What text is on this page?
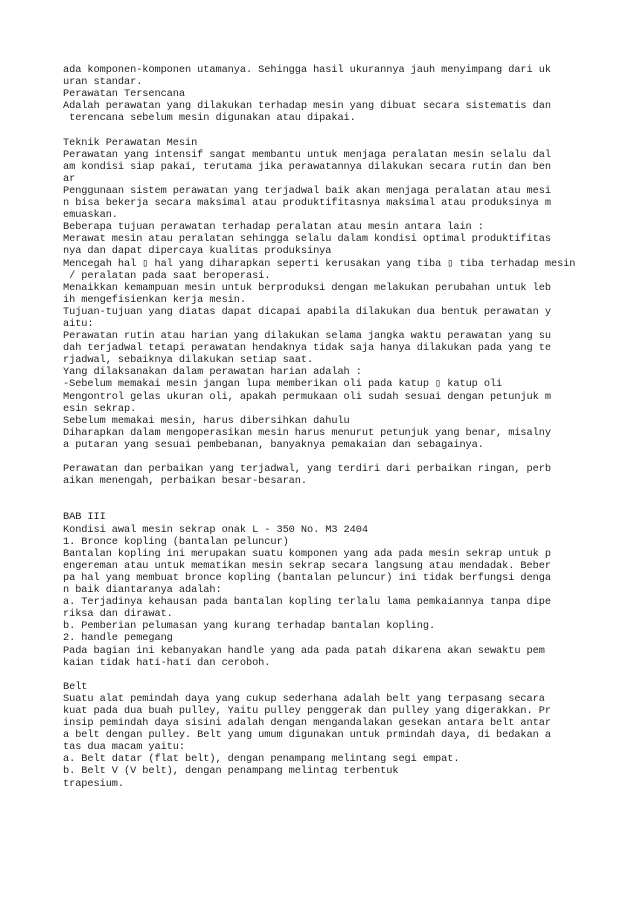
ada komponen-komponen utamanya. Sehingga hasil ukurannya jauh menyimpang dari uk
uran standar.
Perawatan Tersencana
Adalah perawatan yang dilakukan terhadap mesin yang dibuat secara sistematis dan
terencana sebelum mesin digunakan atau dipakai.
Teknik Perawatan Mesin
Perawatan yang intensif sangat membantu untuk menjaga peralatan mesin selalu dal
am kondisi siap pakai, terutama jika perawatannya dilakukan secara rutin dan ben
ar
Penggunaan sistem perawatan yang terjadwal baik akan menjaga peralatan atau mesi
n bisa bekerja secara maksimal atau produktifitasnya maksimal atau produksinya m
emuaskan.
Beberapa tujuan perawatan terhadap peralatan atau mesin antara lain :
Merawat mesin atau peralatan sehingga selalu dalam kondisi optimal produktifitas
nya dan dapat dipercaya kualitas produksinya
Mencegah hal ▯ hal yang diharapkan seperti kerusakan yang tiba ▯ tiba terhadap mesin
/ peralatan pada saat beroperasi.
Menaikkan kemampuan mesin untuk berproduksi dengan melakukan perubahan untuk leb
ih mengefisienkan kerja mesin.
Tujuan-tujuan yang diatas dapat dicapai apabila dilakukan dua bentuk perawatan y
aitu:
Perawatan rutin atau harian yang dilakukan selama jangka waktu perawatan yang su
dah terjadwal tetapi perawatan hendaknya tidak saja hanya dilakukan pada yang te
rjadwal, sebaiknya dilakukan setiap saat.
Yang dilaksanakan dalam perawatan harian adalah :
-Sebelum memakai mesin jangan lupa memberikan oli pada katup ▯ katup oli
Mengontrol gelas ukuran oli, apakah permukaan oli sudah sesuai dengan petunjuk m
esin sekrap.
Sebelum memakai mesin, harus dibersihkan dahulu
Diharapkan dalam mengoperasikan mesin harus menurut petunjuk yang benar, misalny
a putaran yang sesuai pembebanan, banyaknya pemakaian dan sebagainya.
Perawatan dan perbaikan yang terjadwal, yang terdiri dari perbaikan ringan, perb
aikan menengah, perbaikan besar-besaran.
BAB III
Kondisi awal mesin sekrap onak L - 350 No. M3 2404
1. Bronce kopling (bantalan peluncur)
Bantalan kopling ini merupakan suatu komponen yang ada pada mesin sekrap untuk p
engereman atau untuk mematikan mesin sekrap secara langsung atau mendadak. Beber
pa hal yang membuat bronce kopling (bantalan peluncur) ini tidak berfungsi denga
n baik diantaranya adalah:
a. Terjadinya kehausan pada bantalan kopling terlalu lama pemkaiannya tanpa dipe
riksa dan dirawat.
b. Pemberian pelumasan yang kurang terhadap bantalan kopling.
2. handle pemegang
Pada bagian ini kebanyakan handle yang ada pada patah dikarena akan sewaktu pem
kaian tidak hati-hati dan ceroboh.
Belt
Suatu alat pemindah daya yang cukup sederhana adalah belt yang terpasang secara
kuat pada dua buah pulley, Yaitu pulley penggerak dan pulley yang digerakkan. Pr
insip pemindah daya sisini adalah dengan mengandalakan gesekan antara belt antar
a belt dengan pulley. Belt yang umum digunakan untuk prmindah daya, di bedakan a
tas dua macam yaitu:
a. Belt datar (flat belt), dengan penampang melintang segi empat.
b. Belt V (V belt), dengan penampang melintag terbentuk
trapesium.
